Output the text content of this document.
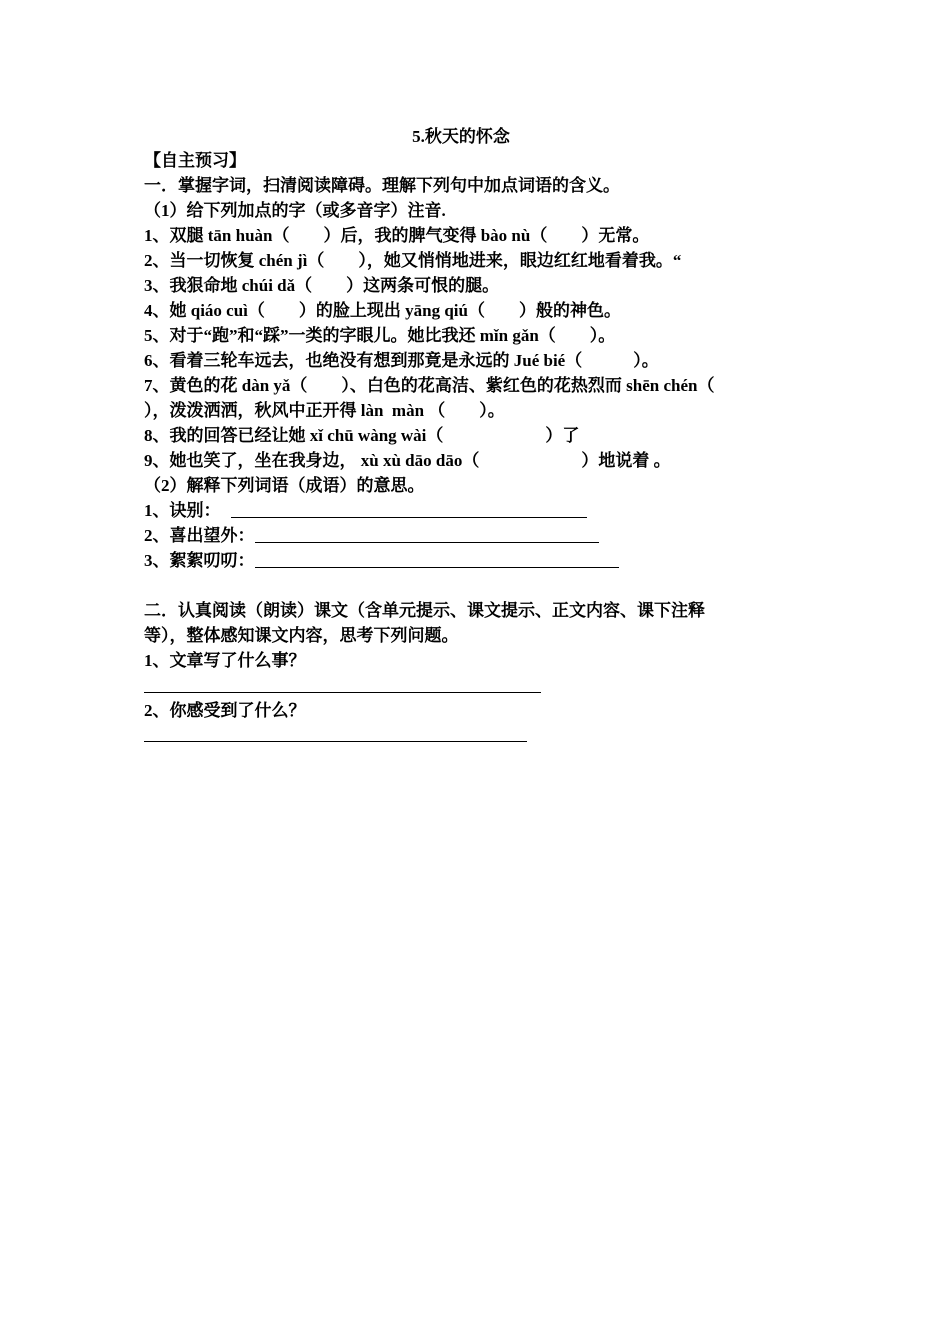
5.秋天的怀念
【自主预习】
一．掌握字词，扫清阅读障碍。理解下列句中加点词语的含义。
（1）给下列加点的字（或多音字）注音.
1、双腿 tān huàn（　　）后，我的脾气变得 bào nù（　　）无常。
2、当一切恢复 chén jì（　　），她又悄悄地进来，眼边红红地看着我。“
3、我狠命地 chúi dǎ（　　）这两条可恨的腿。
4、她 qiáo cuì（　　）的脸上现出 yāng qiú（　　）般的神色。
5、对于“跑”和“踩”一类的字眼儿。她比我还 mǐn gǎn（　　）。
6、看着三轮车远去，也绝没有想到那竟是永远的 Jué bié（　　　）。
7、黄色的花 dàn yǎ（　　）、白色的花高洁、紫红色的花热烈而 shēn chén（
），泼泼洒洒，秋风中正开得 làn  màn （　　）。
8、我的回答已经让她 xǐ chū wàng wài（　　　　　　）了
9、她也笑了，坐在我身边， xù xù dāo dāo（　　　　　　）地说着 。
（2）解释下列词语（成语）的意思。
1、诀别：
2、喜出望外：
3、絮絮叨叨：
二．认真阅读（朗读）课文（含单元提示、课文提示、正文内容、课下注释
等），整体感知课文内容，思考下列问题。
1、文章写了什么事？
2、你感受到了什么？
